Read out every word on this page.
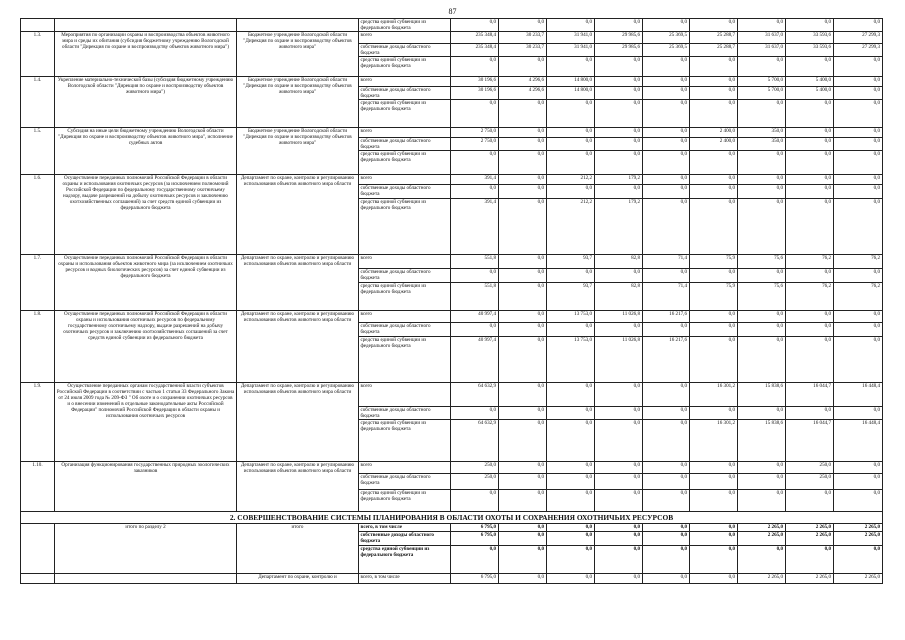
87
			средства единой субвенции из федерального бюджета	0,0	0,0	0,0	0,0	0,0	0,0	0,0	0,0	0,0
1.3.	Мероприятия по организации охраны и воспроизводства объектов животного мира и среды их обитания (субсидия бюджетному учреждению Вологодской области "Дирекция по охране и воспроизводству объектов животного мира")	Бюджетное учреждение Вологодской области "Дирекция по охране и воспроизводству объектов животного мира"	всего	235 348,4	30 233,7	31 941,0	29 985,6	25 369,5	25 288,7	31 637,0	33 593,6	27 299,3
			собственные доходы областного бюджета	235 348,4	30 233,7	31 941,0	29 985,6	25 369,5	25 288,7	31 637,0	33 593,6	27 299,3
			средства единой субвенции из федерального бюджета	0,0	0,0	0,0	0,0	0,0	0,0	0,0	0,0	0,0
1.4.	Укрепление материально-технической базы (субсидия бюджетному учреждению Вологодской области "Дирекция по охране и воспроизводству объектов животного мира")	Бюджетное учреждение Вологодской области "Дирекция по охране и воспроизводству объектов животного мира"	всего	30 196,6	4 296,6	14 800,0	0,0	0,0	0,0	5 700,0	5 400,0	0,0
			собственные доходы областного бюджета	30 196,6	4 296,6	14 800,0	0,0	0,0	0,0	5 700,0	5 400,0	0,0
			средства единой субвенции из федерального бюджета	0,0	0,0	0,0	0,0	0,0	0,0	0,0	0,0	0,0
1.5.	Субсидия на иные цели бюджетному учреждению Вологодской области "Дирекция по охране и воспроизводству объектов животного мира", исполнение судебных актов	Бюджетное учреждение Вологодской области "Дирекция по охране и воспроизводству объектов животного мира"	всего	2 750,0	0,0	0,0	0,0	0,0	2 400,0	350,0	0,0	0,0
			собственные доходы областного бюджета	2 750,0	0,0	0,0	0,0	0,0	2 400,0	350,0	0,0	0,0
			средства единой субвенции из федерального бюджета	0,0	0,0	0,0	0,0	0,0	0,0	0,0	0,0	0,0
1.6.	Осуществление переданных полномочий Российской Федерации в области охраны и использования охотничьих ресурсов (за исключением полномочий Российской Федерации по федеральному государственному охотничьему надзору, выдаче разрешений на добычу охотничьих ресурсов и заключению охотхозяйственных соглашений) за счет средств единой субвенции из федерального бюджета	Департамент по охране, контролю и регулированию использования объектов животного мира области	всего	391,4	0,0	212,2	179,2	0,0	0,0	0,0	0,0	0,0
			собственные доходы областного бюджета	0,0	0,0	0,0	0,0	0,0	0,0	0,0	0,0	0,0
			средства единой субвенции из федерального бюджета	391,4	0,0	212,2	179,2	0,0	0,0	0,0	0,0	0,0
1.7.	Осуществление переданных полномочий Российской Федерации в области охраны и использования объектов животного мира (за исключением охотничьих ресурсов и водных биологических ресурсов) за счет единой субвенции из федерального бюджета	Департамент по охране, контролю и регулированию использования объектов животного мира области	всего	551,8	0,0	93,7	82,8	71,4	75,9	75,6	76,2	76,2
			собственные доходы областного бюджета	0,0	0,0	0,0	0,0	0,0	0,0	0,0	0,0	0,0
			средства единой субвенции из федерального бюджета	551,8	0,0	93,7	82,8	71,4	75,9	75,6	76,2	76,2
1.8.	Осуществление переданных полномочий Российской Федерации в области охраны и использования охотничьих ресурсов по федеральному государственному охотничьему надзору, выдаче разрешений на добычу охотничьих ресурсов и заключению охотхозяйственных соглашений за счет средств единой субвенции из федерального бюджета	Департамент по охране, контролю и регулированию использования объектов животного мира области	всего	40 997,4	0,0	13 753,0	11 026,8	16 217,6	0,0	0,0	0,0	0,0
			собственные доходы областного бюджета	0,0	0,0	0,0	0,0	0,0	0,0	0,0	0,0	0,0
			средства единой субвенции из федерального бюджета	40 997,4	0,0	13 753,0	11 026,8	16 217,6	0,0	0,0	0,0	0,0
1.9.	Осуществление переданных органам государственной власти субъектов Российской Федерации в соответствии с частью 1 статьи 33 Федерального Закона от 24 июля 2009 года № 209-ФЗ " Об охоте и о сохранении охотничьих ресурсов и о внесении изменений в отдельные законодательные акты Российской Федерации" полномочий Российской Федерации в области охраны и использования охотничьих ресурсов	Департамент по охране, контролю и регулированию использования объектов животного мира области	всего	64 632,9	0,0	0,0	0,0	0,0	16 301,2	15 838,6	16 044,7	16 448,4
			собственные доходы областного бюджета	0,0	0,0	0,0	0,0	0,0	0,0	0,0	0,0	0,0
			средства единой субвенции из федерального бюджета	64 632,9	0,0	0,0	0,0	0,0	16 301,2	15 838,6	16 044,7	16 448,4
1.10.	Организация функционирования государственных природных зоологических заказников	Департамент по охране, контролю и регулированию использования объектов животного мира области	всего	250,0	0,0	0,0	0,0	0,0	0,0	0,0	250,0	0,0
			собственные доходы областного бюджета	250,0	0,0	0,0	0,0	0,0	0,0	0,0	250,0	0,0
			средства единой субвенции из федерального бюджета	0,0	0,0	0,0	0,0	0,0	0,0	0,0	0,0	0,0
2. СОВЕРШЕНСТВОВАНИЕ СИСТЕМЫ ПЛАНИРОВАНИЯ В ОБЛАСТИ ОХОТЫ И СОХРАНЕНИЯ ОХОТНИЧЬИХ РЕСУРСОВ												
	итого по разделу 2	итого	всего, в том числе	6 795,0	0,0	0,0	0,0	0,0	0,0	2 265,0	2 265,0	2 265,0
			собственные доходы областного бюджета	6 795,0	0,0	0,0	0,0	0,0	0,0	2 265,0	2 265,0	2 265,0
			средства единой субвенции из федерального бюджета	0,0	0,0	0,0	0,0	0,0	0,0	0,0	0,0	0,0
		Департамент по охране, контролю и	всего, в том числе	6 795,0	0,0	0,0	0,0	0,0	0,0	2 265,0	2 265,0	2 265,0
